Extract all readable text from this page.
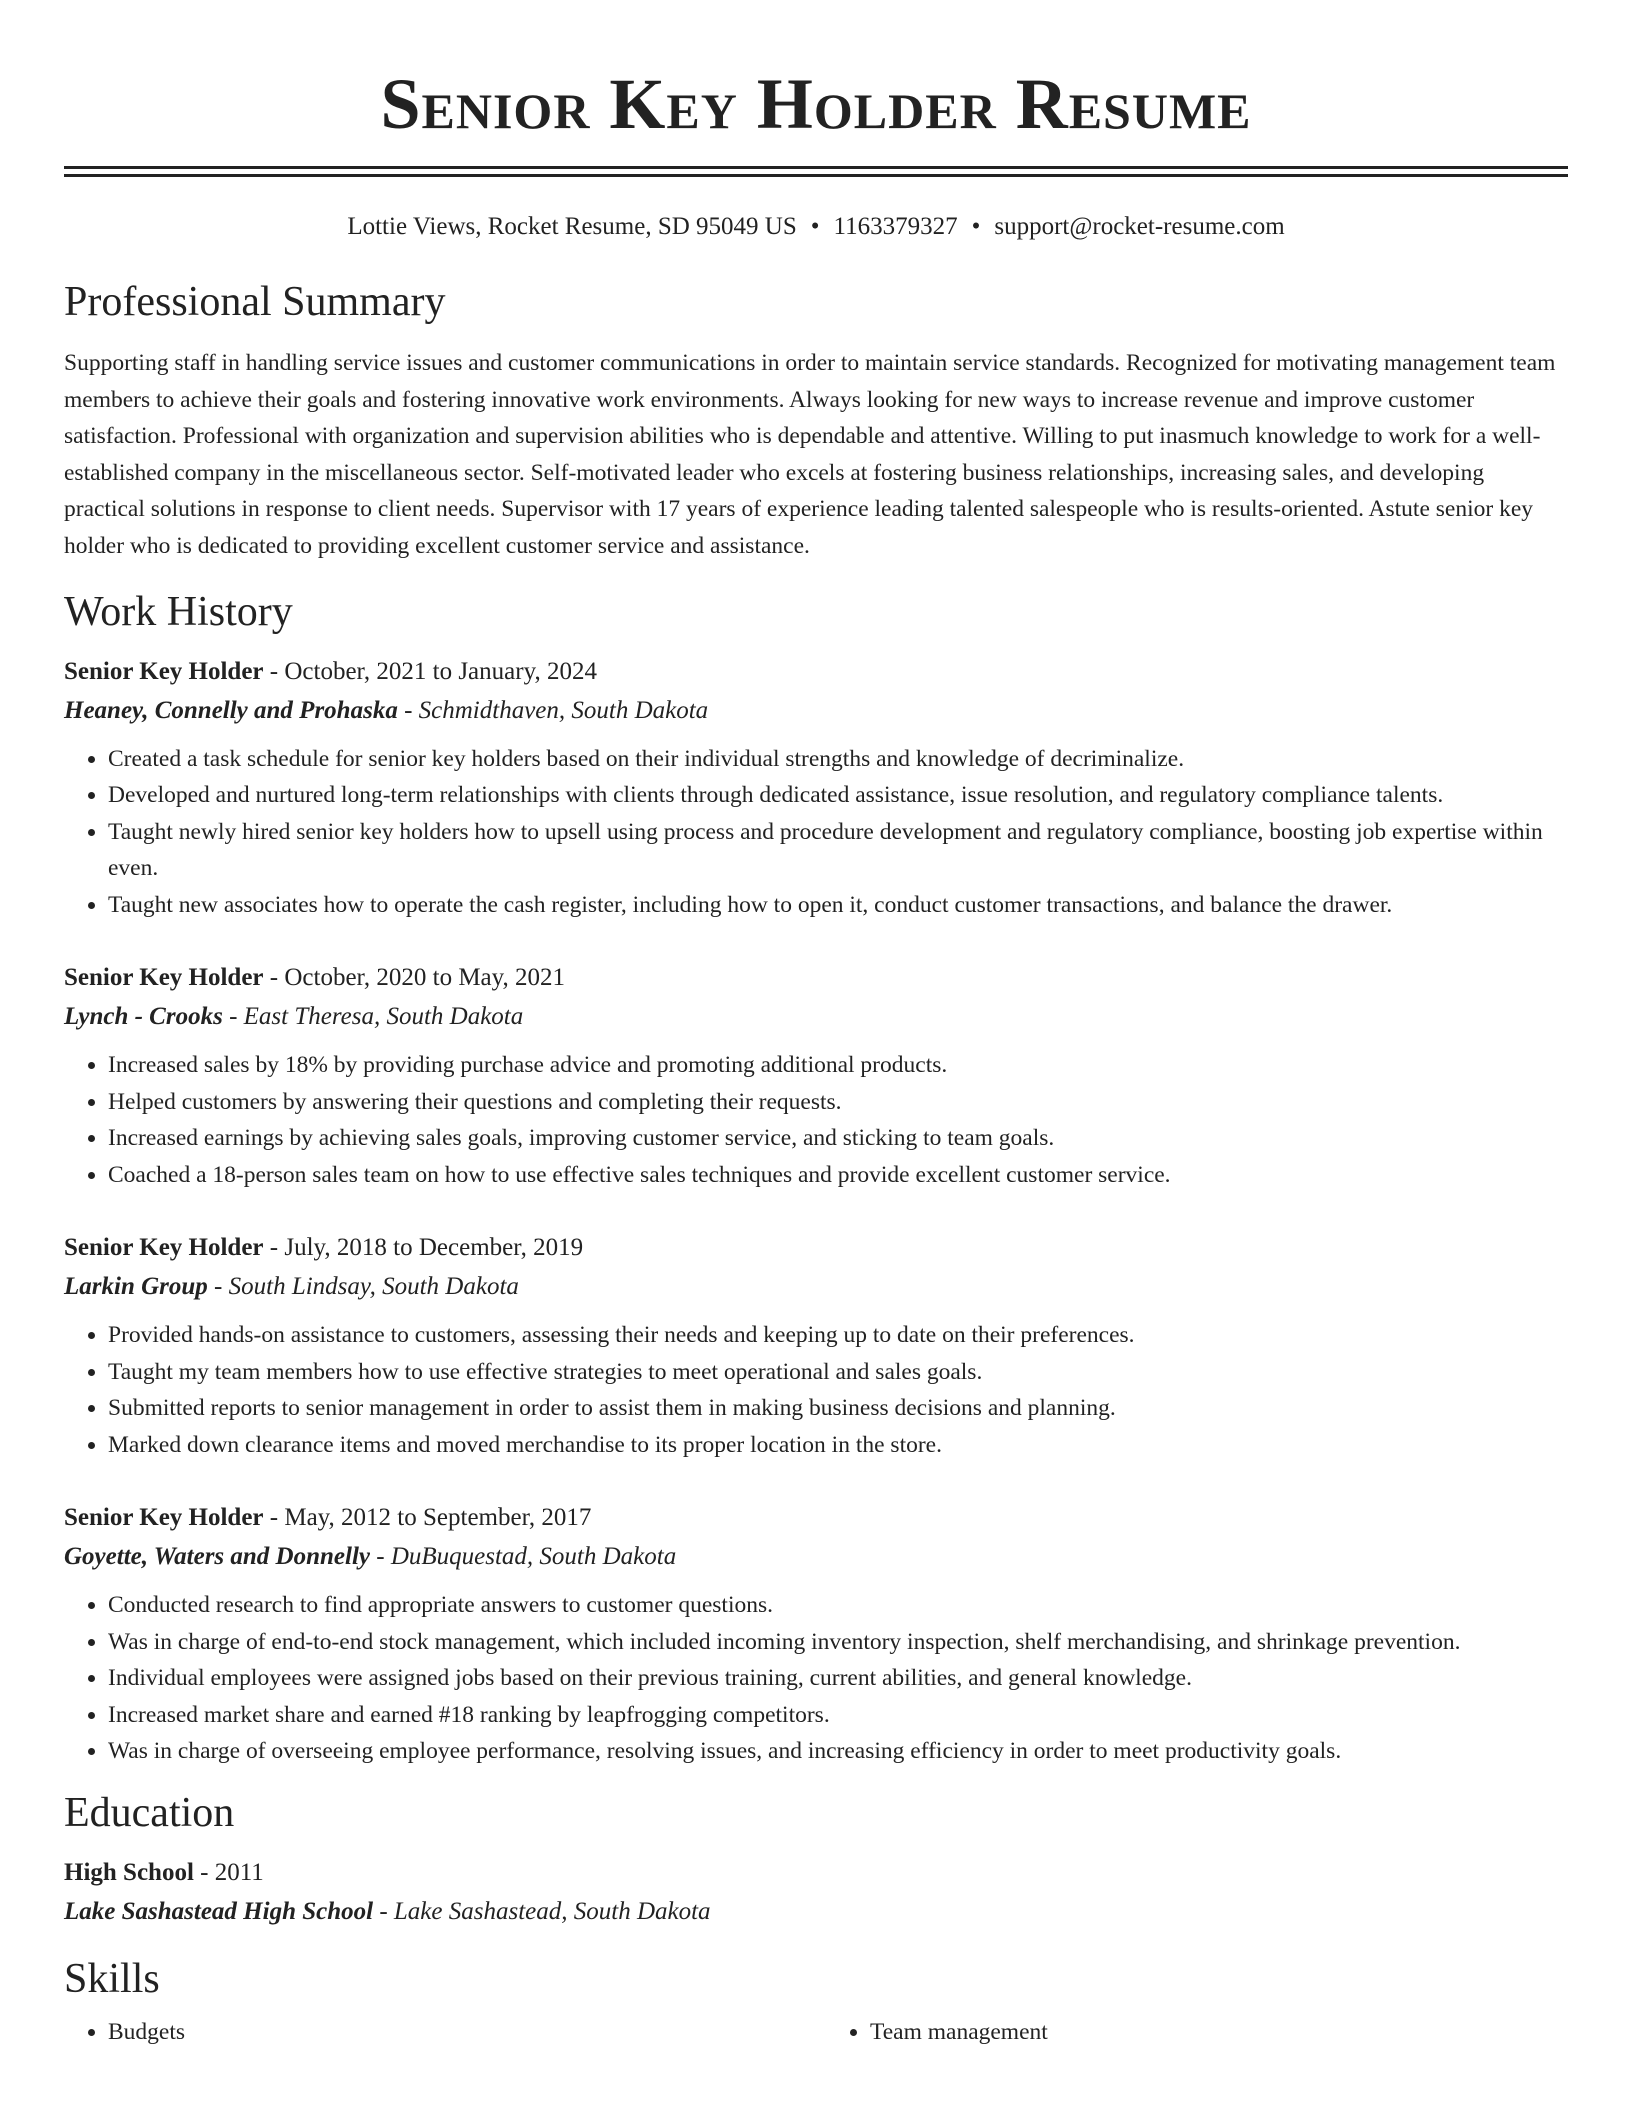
Senior Key Holder Resume
Lottie Views, Rocket Resume, SD 95049 US • 1163379327 • support@rocket-resume.com
Professional Summary
Supporting staff in handling service issues and customer communications in order to maintain service standards. Recognized for motivating management team members to achieve their goals and fostering innovative work environments. Always looking for new ways to increase revenue and improve customer satisfaction. Professional with organization and supervision abilities who is dependable and attentive. Willing to put inasmuch knowledge to work for a well-established company in the miscellaneous sector. Self-motivated leader who excels at fostering business relationships, increasing sales, and developing practical solutions in response to client needs. Supervisor with 17 years of experience leading talented salespeople who is results-oriented. Astute senior key holder who is dedicated to providing excellent customer service and assistance.
Work History
Senior Key Holder - October, 2021 to January, 2024
Heaney, Connelly and Prohaska - Schmidthaven, South Dakota
• Created a task schedule for senior key holders based on their individual strengths and knowledge of decriminalize.
• Developed and nurtured long-term relationships with clients through dedicated assistance, issue resolution, and regulatory compliance talents.
• Taught newly hired senior key holders how to upsell using process and procedure development and regulatory compliance, boosting job expertise within even.
• Taught new associates how to operate the cash register, including how to open it, conduct customer transactions, and balance the drawer.
Senior Key Holder - October, 2020 to May, 2021
Lynch - Crooks - East Theresa, South Dakota
• Increased sales by 18% by providing purchase advice and promoting additional products.
• Helped customers by answering their questions and completing their requests.
• Increased earnings by achieving sales goals, improving customer service, and sticking to team goals.
• Coached a 18-person sales team on how to use effective sales techniques and provide excellent customer service.
Senior Key Holder - July, 2018 to December, 2019
Larkin Group - South Lindsay, South Dakota
• Provided hands-on assistance to customers, assessing their needs and keeping up to date on their preferences.
• Taught my team members how to use effective strategies to meet operational and sales goals.
• Submitted reports to senior management in order to assist them in making business decisions and planning.
• Marked down clearance items and moved merchandise to its proper location in the store.
Senior Key Holder - May, 2012 to September, 2017
Goyette, Waters and Donnelly - DuBuquestad, South Dakota
• Conducted research to find appropriate answers to customer questions.
• Was in charge of end-to-end stock management, which included incoming inventory inspection, shelf merchandising, and shrinkage prevention.
• Individual employees were assigned jobs based on their previous training, current abilities, and general knowledge.
• Increased market share and earned #18 ranking by leapfrogging competitors.
• Was in charge of overseeing employee performance, resolving issues, and increasing efficiency in order to meet productivity goals.
Education
High School - 2011
Lake Sashastead High School - Lake Sashastead, South Dakota
Skills
• Budgets
•	Team management
